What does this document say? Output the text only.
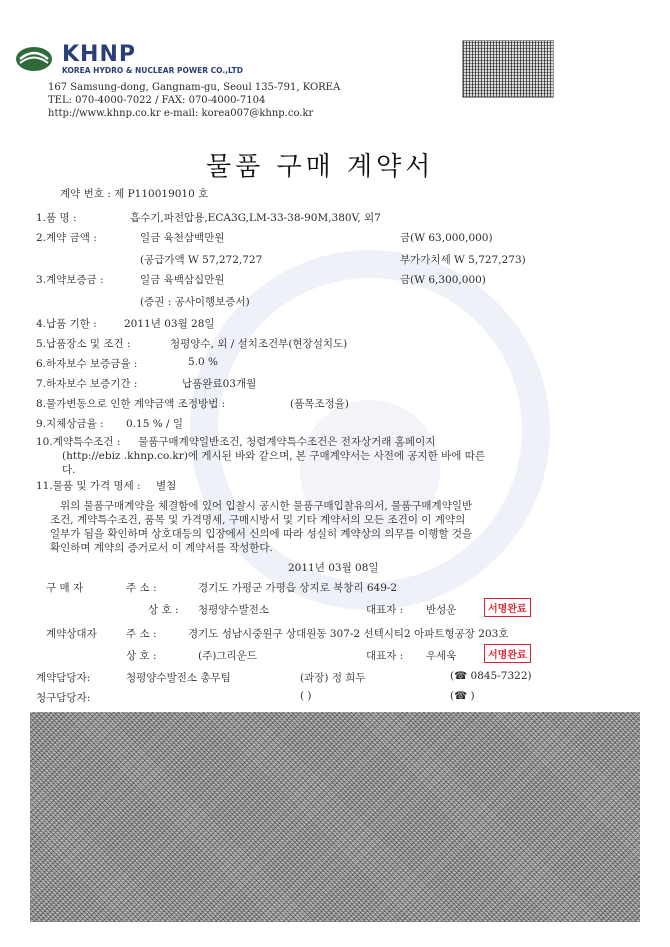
KHNP
KOREA HYDRO & NUCLEAR POWER CO.,LTD
167 Samsung-dong, Gangnam-gu, Seoul 135-791, KOREA
TEL: 070-4000-7022 / FAX: 070-4000-7104
http://www.khnp.co.kr e-mail: korea007@khnp.co.kr
물품 구매 계약서
계약 번호 : 제 P110019010 호
1.품 명 :	흡수기,파전압용,ECA3G,LM-33-38-90M,380V, 외7
2.계약 금액 :	일금 육천삼백만원	금(W 63,000,000)
(공급가액 W 57,272,727	부가가치세 W 5,727,273)
3.계약보증금 :	일금 육백삼십만원	금(W 6,300,000)
(증권 : 공사이행보증서)
4.납품 기한 :	2011년 03월 28일
5.납품장소 및 조건 :	청평양수, 외 / 설치조건부(현장설치도)
6.하자보수 보증금율 :	5.0 %
7.하자보수 보증기간 :	납품완료03개월
8.물가변동으로 인한 계약금액 조정방법 :	(품목조정율)
9.지체상금율 : 0.15 % / 일
10.계약특수조건 : 물품구매계약일반조건, 청렴계약특수조건은 전자상거래 홈페이지
(http://ebiz .khnp.co.kr)에 게시된 바와 같으며, 본 구매계약서는 사전에 공지한 바에 따른
다.
11.물품 및 가격 명세 : 별첨
위의 물품구매계약을 체결함에 있어 입찰시 공시한 물품구매입찰유의서, 물품구매계약일반
조건, 계약특수조건, 품목 및 가격명세, 구매시방서 및 기타 계약서의 모든 조건이 이 계약의
일부가 됨을 확인하며 상호대등의 입장에서 신의에 따라 성실히 계약상의 의무를 이행할 것을
확인하며 계약의 증거로서 이 계약서를 작성한다.
2011년 03월 08일
구 매 자	주 소 :	경기도 가평군 가평읍 상지로 북창리 649-2
상 호 : 청평양수발전소	대표자 : 반성운	서명완료
계약상대자	주 소 :	경기도 성남시중원구 상대원동 307-2 선텍시티2 아파트형공장 203호
상 호 :	(주)그리운드	대표자 : 우세욱	서명완료
계약담당자:	청평양수발전소 총무팀	(과장) 정 희두	(☎ 0845-7322)
청구담당자:	( )	(☎ )
